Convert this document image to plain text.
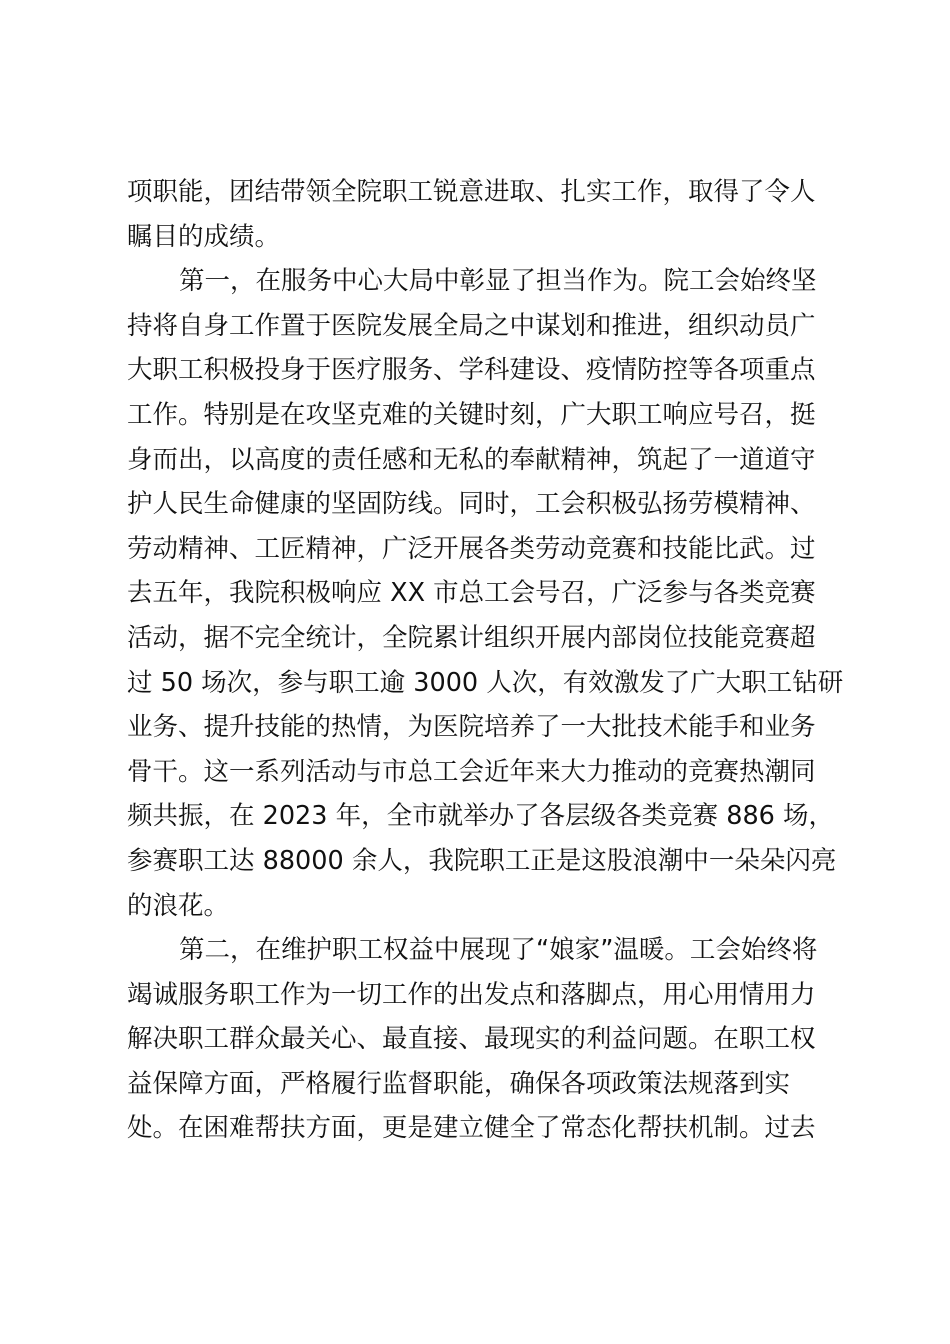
项职能，团结带领全院职工锐意进取、扎实工作，取得了令人
瞩目的成绩。
第一，在服务中心大局中彰显了担当作为。院工会始终坚
持将自身工作置于医院发展全局之中谋划和推进，组织动员广
大职工积极投身于医疗服务、学科建设、疫情防控等各项重点
工作。特别是在攻坚克难的关键时刻，广大职工响应号召，挺
身而出，以高度的责任感和无私的奉献精神，筑起了一道道守
护人民生命健康的坚固防线。同时，工会积极弘扬劳模精神、
劳动精神、工匠精神，广泛开展各类劳动竞赛和技能比武。过
去五年，我院积极响应 XX 市总工会号召，广泛参与各类竞赛
活动，据不完全统计，全院累计组织开展内部岗位技能竞赛超
过 50 场次，参与职工逾 3000 人次，有效激发了广大职工钻研
业务、提升技能的热情，为医院培养了一大批技术能手和业务
骨干。这一系列活动与市总工会近年来大力推动的竞赛热潮同
频共振，在 2023 年，全市就举办了各层级各类竞赛 886 场，
参赛职工达 88000 余人，我院职工正是这股浪潮中一朵朵闪亮
的浪花。
第二，在维护职工权益中展现了“娘家”温暖。工会始终将
竭诚服务职工作为一切工作的出发点和落脚点，用心用情用力
解决职工群众最关心、最直接、最现实的利益问题。在职工权
益保障方面，严格履行监督职能，确保各项政策法规落到实
处。在困难帮扶方面，更是建立健全了常态化帮扶机制。过去
